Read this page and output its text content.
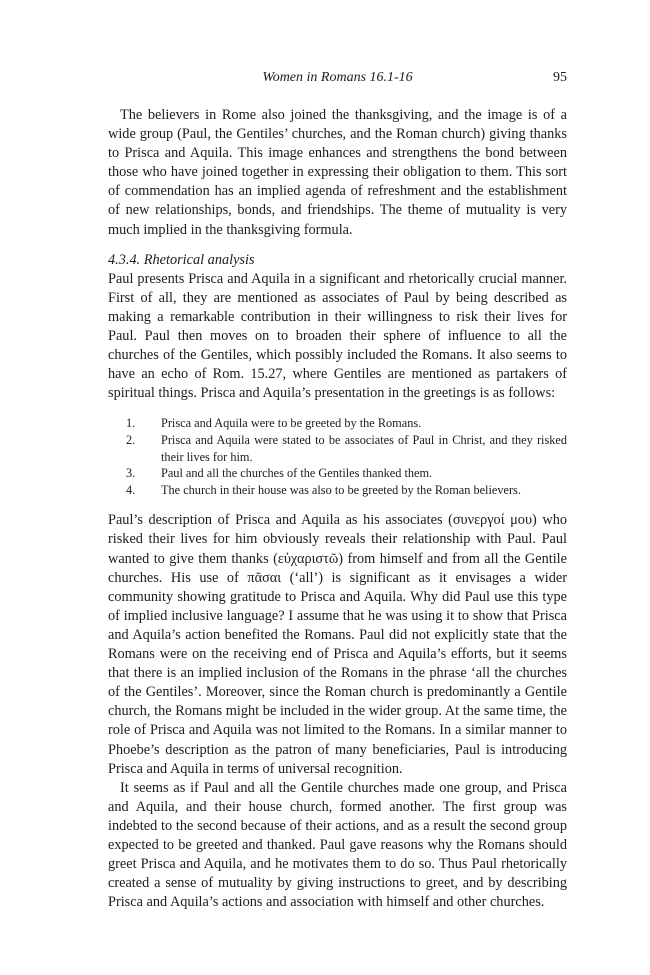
Women in Romans 16.1-16	95

The believers in Rome also joined the thanksgiving, and the image is of a wide group (Paul, the Gentiles’ churches, and the Roman church) giving thanks to Prisca and Aquila. This image enhances and strengthens the bond between those who have joined together in expressing their obligation to them. This sort of commendation has an implied agenda of refreshment and the establishment of new relationships, bonds, and friendships. The theme of mutuality is very much implied in the thanksgiving formula.

4.3.4. Rhetorical analysis

Paul presents Prisca and Aquila in a significant and rhetorically crucial manner. First of all, they are mentioned as associates of Paul by being described as making a remarkable contribution in their willingness to risk their lives for Paul. Paul then moves on to broaden their sphere of influence to all the churches of the Gentiles, which possibly included the Romans. It also seems to have an echo of Rom. 15.27, where Gentiles are mentioned as partakers of spiritual things. Prisca and Aquila’s presentation in the greetings is as follows:

1.	Prisca and Aquila were to be greeted by the Romans.
2.	Prisca and Aquila were stated to be associates of Paul in Christ, and they risked their lives for him.
3.	Paul and all the churches of the Gentiles thanked them.
4.	The church in their house was also to be greeted by the Roman believers.

Paul’s description of Prisca and Aquila as his associates (συνεργοί μου) who risked their lives for him obviously reveals their relationship with Paul. Paul wanted to give them thanks (εὐχαριστῶ) from himself and from all the Gentile churches. His use of πᾶσαι (‘all’) is significant as it envisages a wider community showing gratitude to Prisca and Aquila. Why did Paul use this type of implied inclusive language? I assume that he was using it to show that Prisca and Aquila’s action benefited the Romans. Paul did not explicitly state that the Romans were on the receiving end of Prisca and Aquila’s efforts, but it seems that there is an implied inclusion of the Romans in the phrase ‘all the churches of the Gentiles’. Moreover, since the Roman church is predominantly a Gentile church, the Romans might be included in the wider group. At the same time, the role of Prisca and Aquila was not limited to the Romans. In a similar manner to Phoebe’s description as the patron of many beneficiaries, Paul is introducing Prisca and Aquila in terms of universal recognition.

It seems as if Paul and all the Gentile churches made one group, and Prisca and Aquila, and their house church, formed another. The first group was indebted to the second because of their actions, and as a result the second group expected to be greeted and thanked. Paul gave reasons why the Romans should greet Prisca and Aquila, and he motivates them to do so. Thus Paul rhetorically created a sense of mutuality by giving instructions to greet, and by describing Prisca and Aquila’s actions and association with himself and other churches.
